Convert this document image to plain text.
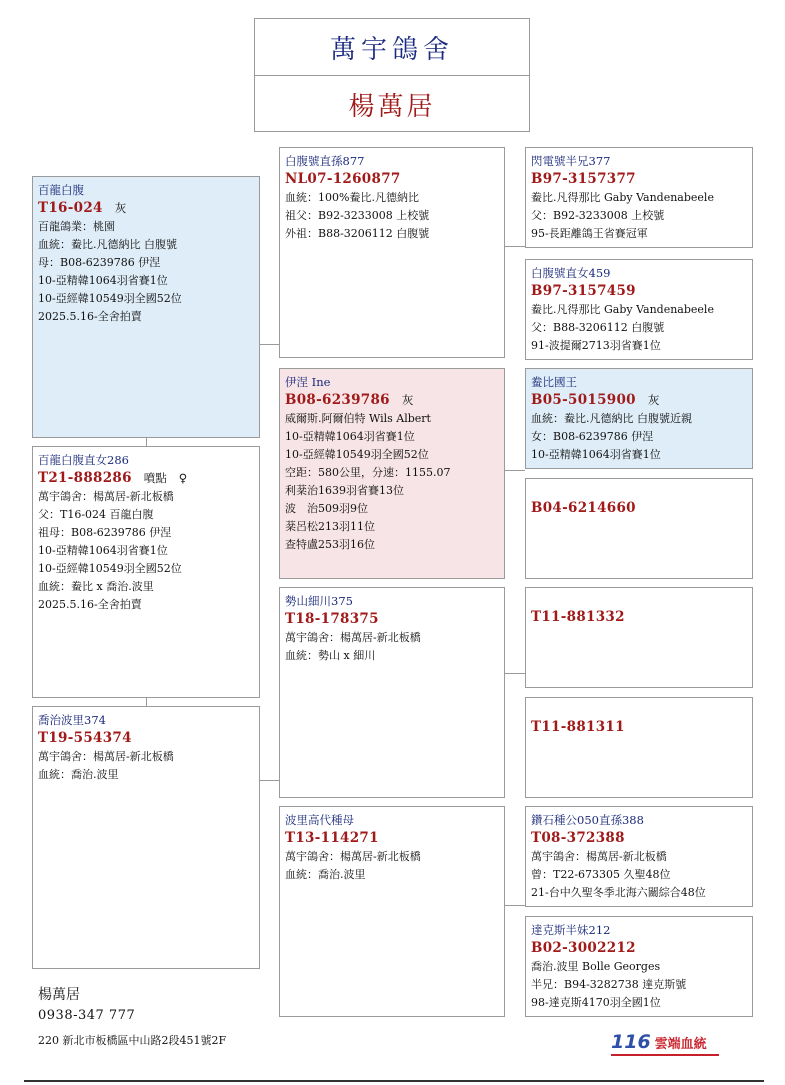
萬宇鴿舍
楊萬居
百龍白腹
T16-024 灰
百龍鴿業：桃園
血統：鲞比.凡德納比 白腹號
母：B08-6239786 伊涅
10-亞精韓1064羽省賽1位
10-亞經韓10549羽全國52位
2025.5.16-全舍拍賣
百龍白腹直女286
T21-888286 噴點 ♀
萬宇鴿舍：楊萬居-新北板橋
父：T16-024 百龍白腹
祖母：B08-6239786 伊涅
10-亞精韓1064羽省賽1位
10-亞經韓10549羽全國52位
血統：鲞比 x 喬治.波里
2025.5.16-全舍拍賣
喬治波里374
T19-554374
萬宇鴿舍：楊萬居-新北板橋
血統：喬治.波里
白腹號直孫877
NL07-1260877
血統：100%鲞比.凡德納比
祖父：B92-3233008 上校號
外祖：B88-3206112 白腹號
伊涅 Ine
B08-6239786 灰
威爾斯.阿爾伯特 Wils Albert
10-亞精韓1064羽省賽1位
10-亞經韓10549羽全國52位
空距：580公里，分速：1155.07
利棻治1639羽省賽13位
波　治509羽9位
棻呂松213羽11位
查特盧253羽16位
勢山細川375
T18-178375
萬宇鴿舍：楊萬居-新北板橋
血統：勢山 x 細川
波里高代種母
T13-114271
萬宇鴿舍：楊萬居-新北板橋
血統：喬治.波里
閃電號半兄377
B97-3157377
鲞比.凡得那比 Gaby Vandenabeele
父：B92-3233008 上校號
95-長距離鴿王省賽冠軍
白腹號直女459
B97-3157459
鲞比.凡得那比 Gaby Vandenabeele
父：B88-3206112 白腹號
91-波提爾2713羽省賽1位
鲞比國王
B05-5015900 灰
血統：鲞比.凡德納比 白腹號近親
女：B08-6239786 伊涅
10-亞精韓1064羽省賽1位
B04-6214660
T11-881332
T11-881311
鑽石種公050直孫388
T08-372388
萬宇鴿舍：楊萬居-新北板橋
曾：T22-673305 久聖48位
21-台中久聖冬季北海六關綜合48位
達克斯半妹212
B02-3002212
喬治.波里 Bolle Georges
半兄：B94-3282738 達克斯號
98-達克斯4170羽全國1位
楊萬居
0938-347 777
220 新北市板橋區中山路2段451號2F	116 雲端血統
